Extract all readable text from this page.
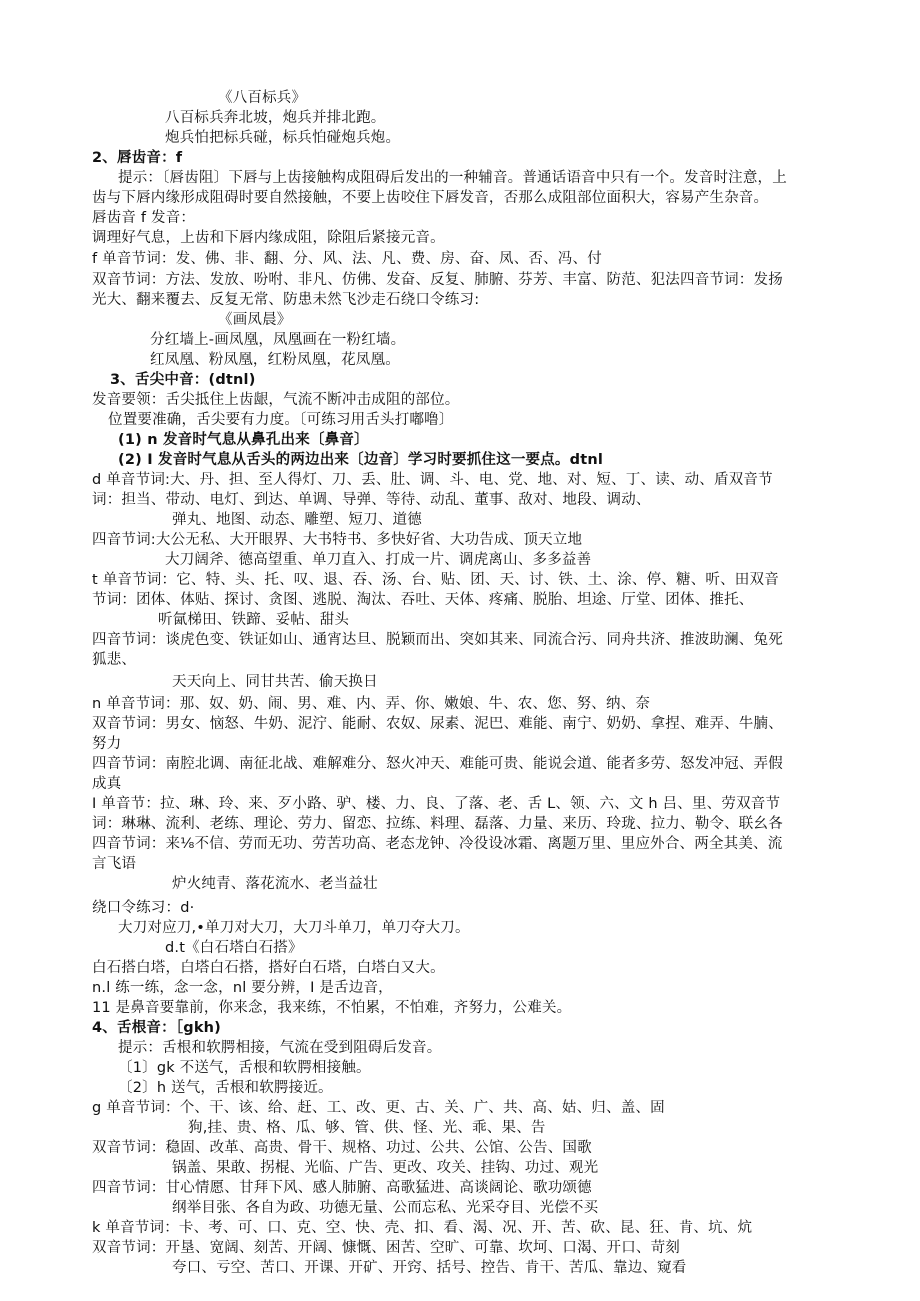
《八百标兵》
八百标兵奔北坡，炮兵并排北跑。
炮兵怕把标兵碰，标兵怕碰炮兵炮。
2、唇齿音：f
提示：〔唇齿阻〕下唇与上齿接触构成阻碍后发出的一种辅音。普通话语音中只有一个。发音时注意，上
齿与下唇内缘形成阻碍时要自然接触，不要上齿咬住下唇发音，否那么成阻部位面积大，容易产生杂音。
唇齿音 f 发音：
调理好气息，上齿和下唇内缘成阻，除阻后紧接元音。
f 单音节词：发、佛、非、翻、分、风、法、凡、费、房、奋、凤、否、冯、付
双音节词：方法、发放、吩咐、非凡、仿佛、发奋、反复、肺腑、芬芳、丰富、防范、犯法四音节词：发扬
光大、翻来覆去、反复无常、防患未然飞沙走石绕口令练习:
《画凤晨》
分红墙上-画凤凰，凤凰画在一粉红墙。
红凤凰、粉凤凰，红粉凤凰，花凤凰。
3、舌尖中音：(dtnl)
发音要领：舌尖抵住上齿龈，气流不断冲击成阻的部位。
位置要准确，舌尖要有力度。〔可练习用舌头打嘟噜〕
(1) n 发音时气息从鼻孔出来〔鼻音〕
(2) I 发音时气息从舌头的两边出来〔边音〕学习时要抓住这一要点。dtnl
d 单音节词:大、丹、担、至人得灯、刀、丢、肚、调、斗、电、党、地、对、短、丁、读、动、盾双音节
词：担当、带动、电灯、到达、单调、导弹、等待、动乱、董事、敌对、地段、调动、
弹丸、地图、动态、雕塑、短刀、道德
四音节词:大公无私、大开眼界、大书特书、多快好省、大功告成、顶天立地
大刀阔斧、德高望重、单刀直入、打成一片、调虎离山、多多益善
t 单音节词：它、特、头、托、叹、退、吞、汤、台、贴、团、天、讨、铁、土、涂、停、糖、听、田双音
节词：团体、体贴、探讨、贪图、逃脱、淘汰、吞吐、天体、疼痛、脱胎、坦途、厅堂、团体、推托、
听氤梯田、铁蹄、妥帖、甜头
四音节词：谈虎色变、铁证如山、通宵达旦、脱颖而出、突如其来、同流合污、同舟共济、推波助澜、兔死
狐悲、
天天向上、同甘共苦、偷天换日
n 单音节词：那、奴、奶、闹、男、难、内、弄、你、嫩娘、牛、农、您、努、纳、奈
双音节词：男女、恼怒、牛奶、泥泞、能耐、农奴、尿素、泥巴、难能、南宁、奶奶、拿捏、难弄、牛腩、
努力
四音节词：南腔北调、南征北战、难解难分、怒火冲天、难能可贵、能说会道、能者多劳、怒发冲冠、弄假
成真
I 单音节：拉、琳、玲、来、歹小路、驴、楼、力、良、了落、老、舌 L、领、六、文 h 吕、里、劳双音节
词：琳琳、流利、老练、理论、劳力、留恋、拉练、料理、磊落、力量、来历、玲珑、拉力、勒令、联幺各
四音节词：来⅛不信、劳而无功、劳苦功高、老态龙钟、冷役设冰霜、离题万里、里应外合、两全其美、流
言飞语
炉火纯青、落花流水、老当益壮
绕口令练习：d·
大刀对应刀,•单刀对大刀，大刀斗单刀，单刀夺大刀。
d.t《白石塔白石搭》
白石搭白塔，白塔白石搭，搭好白石塔，白塔白又大。
n.l 练一练，念一念，nl 要分辨，I 是舌边音，
11 是鼻音要靠前，你来念，我来练，不怕累，不怕难，齐努力，公难关。
4、舌根音：［gkh)
提示：舌根和软腭相接，气流在受到阻碍后发音。
〔1〕gk 不送气，舌根和软腭相接触。
〔2〕h 送气，舌根和软腭接近。
g 单音节词：个、干、该、给、赶、工、改、更、古、关、广、共、高、姑、归、盖、固
狗,挂、贵、格、瓜、够、管、供、怪、光、乖、果、告
双音节词：稳固、改革、高贵、骨干、规格、功过、公共、公馆、公告、国歌
锅盖、果敢、拐棍、光临、广告、更改、攻关、挂钩、功过、观光
四音节词：甘心情愿、甘拜下风、感人肺腑、高歌猛进、高谈阔论、歌功颂德
纲举目张、各自为政、功德无量、公而忘私、光采夺目、光偿不买
k 单音节词：卡、考、可、口、克、空、快、壳、扣、看、渴、况、开、苦、砍、昆、狂、肯、坑、炕
双音节词：开垦、宽阔、刻苦、开阔、慷慨、困苦、空旷、可靠、坎坷、口渴、开口、苛刻
夸口、亏空、苦口、开课、开矿、开窍、括号、控告、肯干、苦瓜、靠边、窥看
